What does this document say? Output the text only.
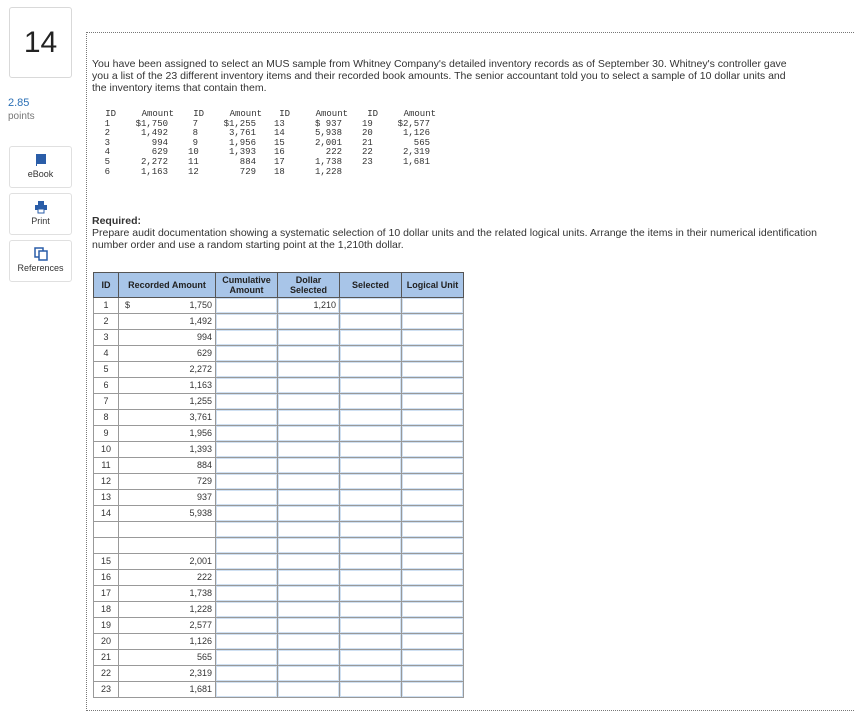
14
2.85
points
eBook
Print
References
You have been assigned to select an MUS sample from Whitney Company's detailed inventory records as of September 30. Whitney's controller gave you a list of the 23 different inventory items and their recorded book amounts. The senior accountant told you to select a sample of 10 dollar units and the inventory items that contain them.
ID	Amount
1	$1,750
2	1,492
3	994
4	629
5	2,272
6	1,163
ID	Amount
7	$1,255
8	3,761
9	1,956
10	1,393
11	884
12	729
ID	Amount
13	$ 937
14	5,938
15	2,001
16	222
17	1,738
18	1,228
ID	Amount
19	$2,577
20	1,126
21	565
22	2,319
23	1,681
Required:
Prepare audit documentation showing a systematic selection of 10 dollar units and the related logical units. Arrange the items in their numerical identification number order and use a random starting point at the 1,210th dollar.
ID	Recorded Amount	Cumulative Amount	Dollar Selected	Selected	Logical Unit
1	$ 1,750		1,210		
2	1,492				
3	994				
4	629				
5	2,272				
6	1,163				
7	1,255				
8	3,761				
9	1,956				
10	1,393				
11	884				
12	729				
13	937				
14	5,938				

15	2,001				
16	222				
17	1,738				
18	1,228				
19	2,577				
20	1,126				
21	565				
22	2,319				
23	1,681				
